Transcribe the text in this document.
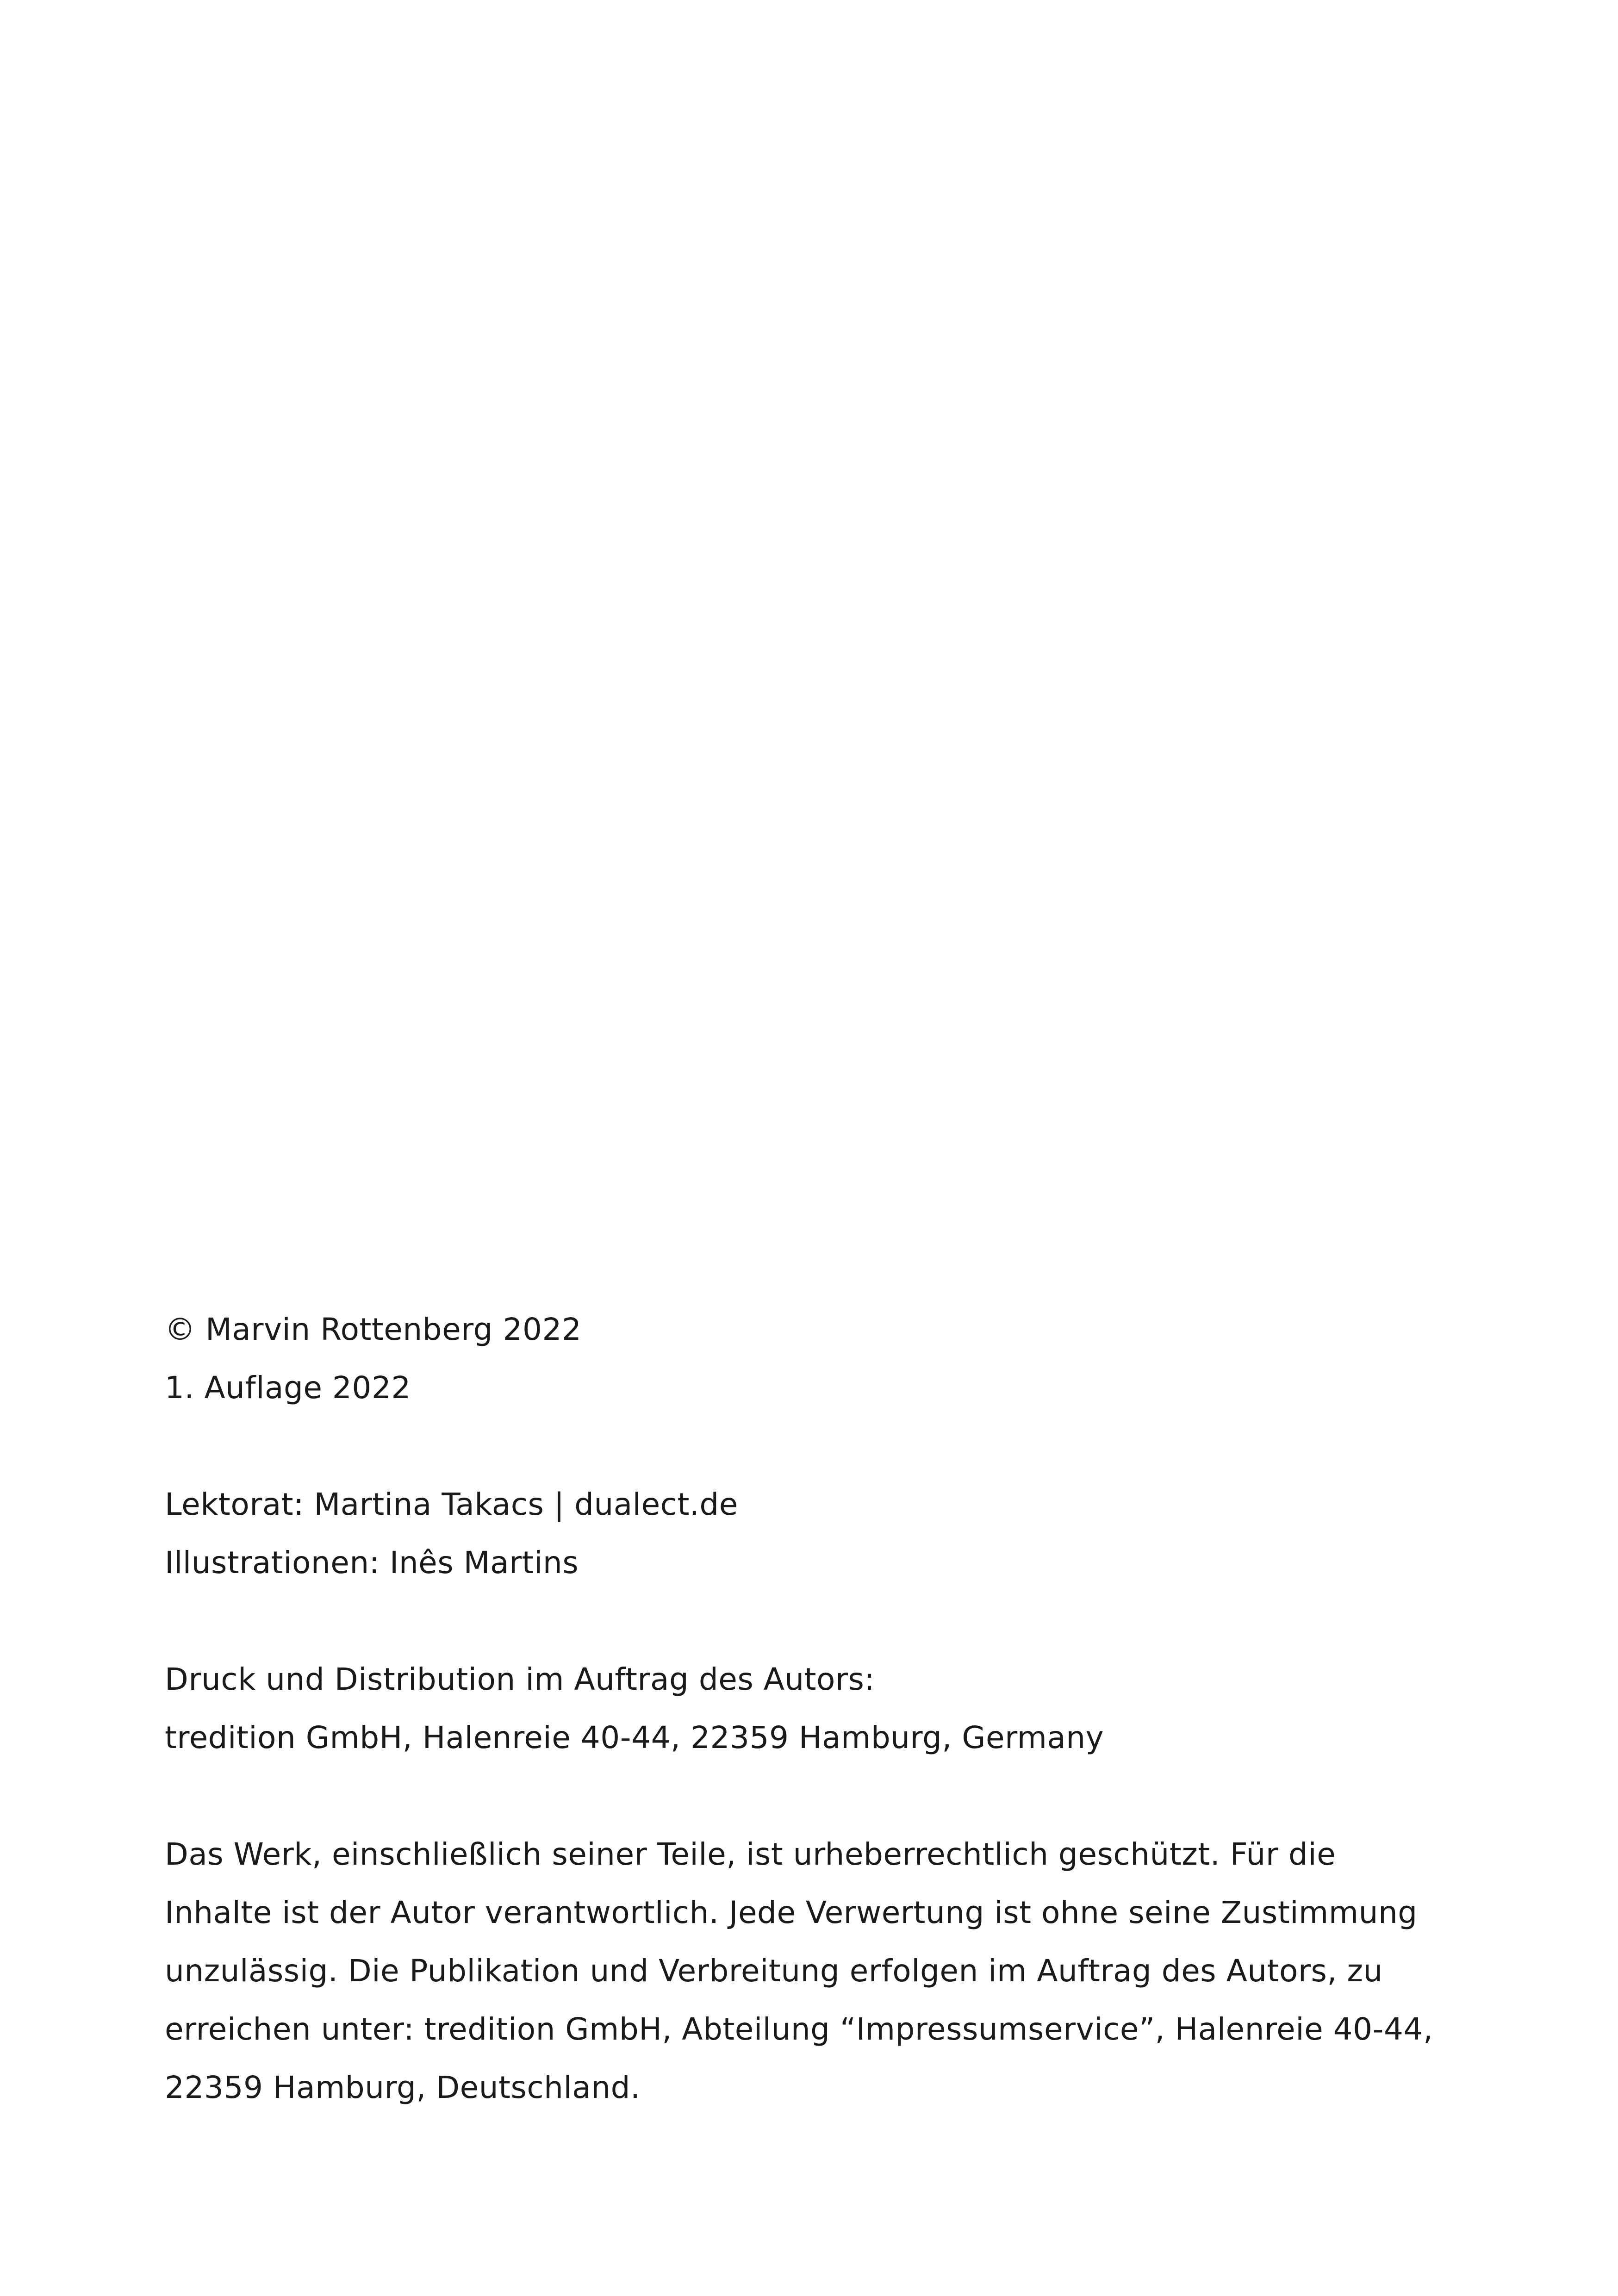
© Marvin Rottenberg 2022

1. Auflage 2022

Lektorat: Martina Takacs | dualect.de

Illustrationen: Inês Martins

Druck und Distribution im Auftrag des Autors:

tredition GmbH, Halenreie 40-44, 22359 Hamburg, Germany

Das Werk, einschließlich seiner Teile, ist urheberrechtlich geschützt. Für die

Inhalte ist der Autor verantwortlich. Jede Verwertung ist ohne seine Zustimmung

unzulässig. Die Publikation und Verbreitung erfolgen im Auftrag des Autors, zu

erreichen unter: tredition GmbH, Abteilung “Impressumservice”, Halenreie 40-44,

22359 Hamburg, Deutschland.
